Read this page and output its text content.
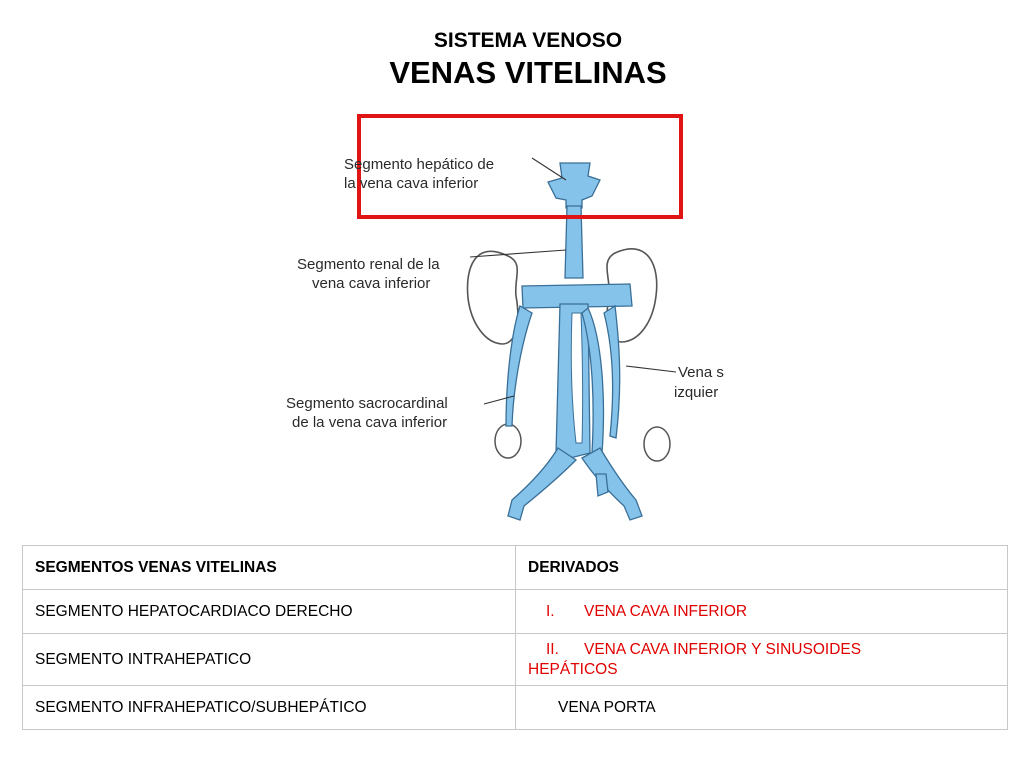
SISTEMA VENOSO

VENAS VITELINAS

Segmento hepático de
la vena cava inferior
Segmento renal de la
vena cava inferior
Segmento sacrocardinal
de la vena cava inferior
Vena s
izquier
SEGMENTOS VENAS VITELINAS	DERIVADOS
SEGMENTO HEPATOCARDIACO DERECHO	I. VENA CAVA INFERIOR
SEGMENTO INTRAHEPATICO	II. VENA CAVA INFERIOR Y SINUSOIDES
HEPÁTICOS
SEGMENTO INFRAHEPATICO/SUBHEPÁTICO	VENA PORTA
